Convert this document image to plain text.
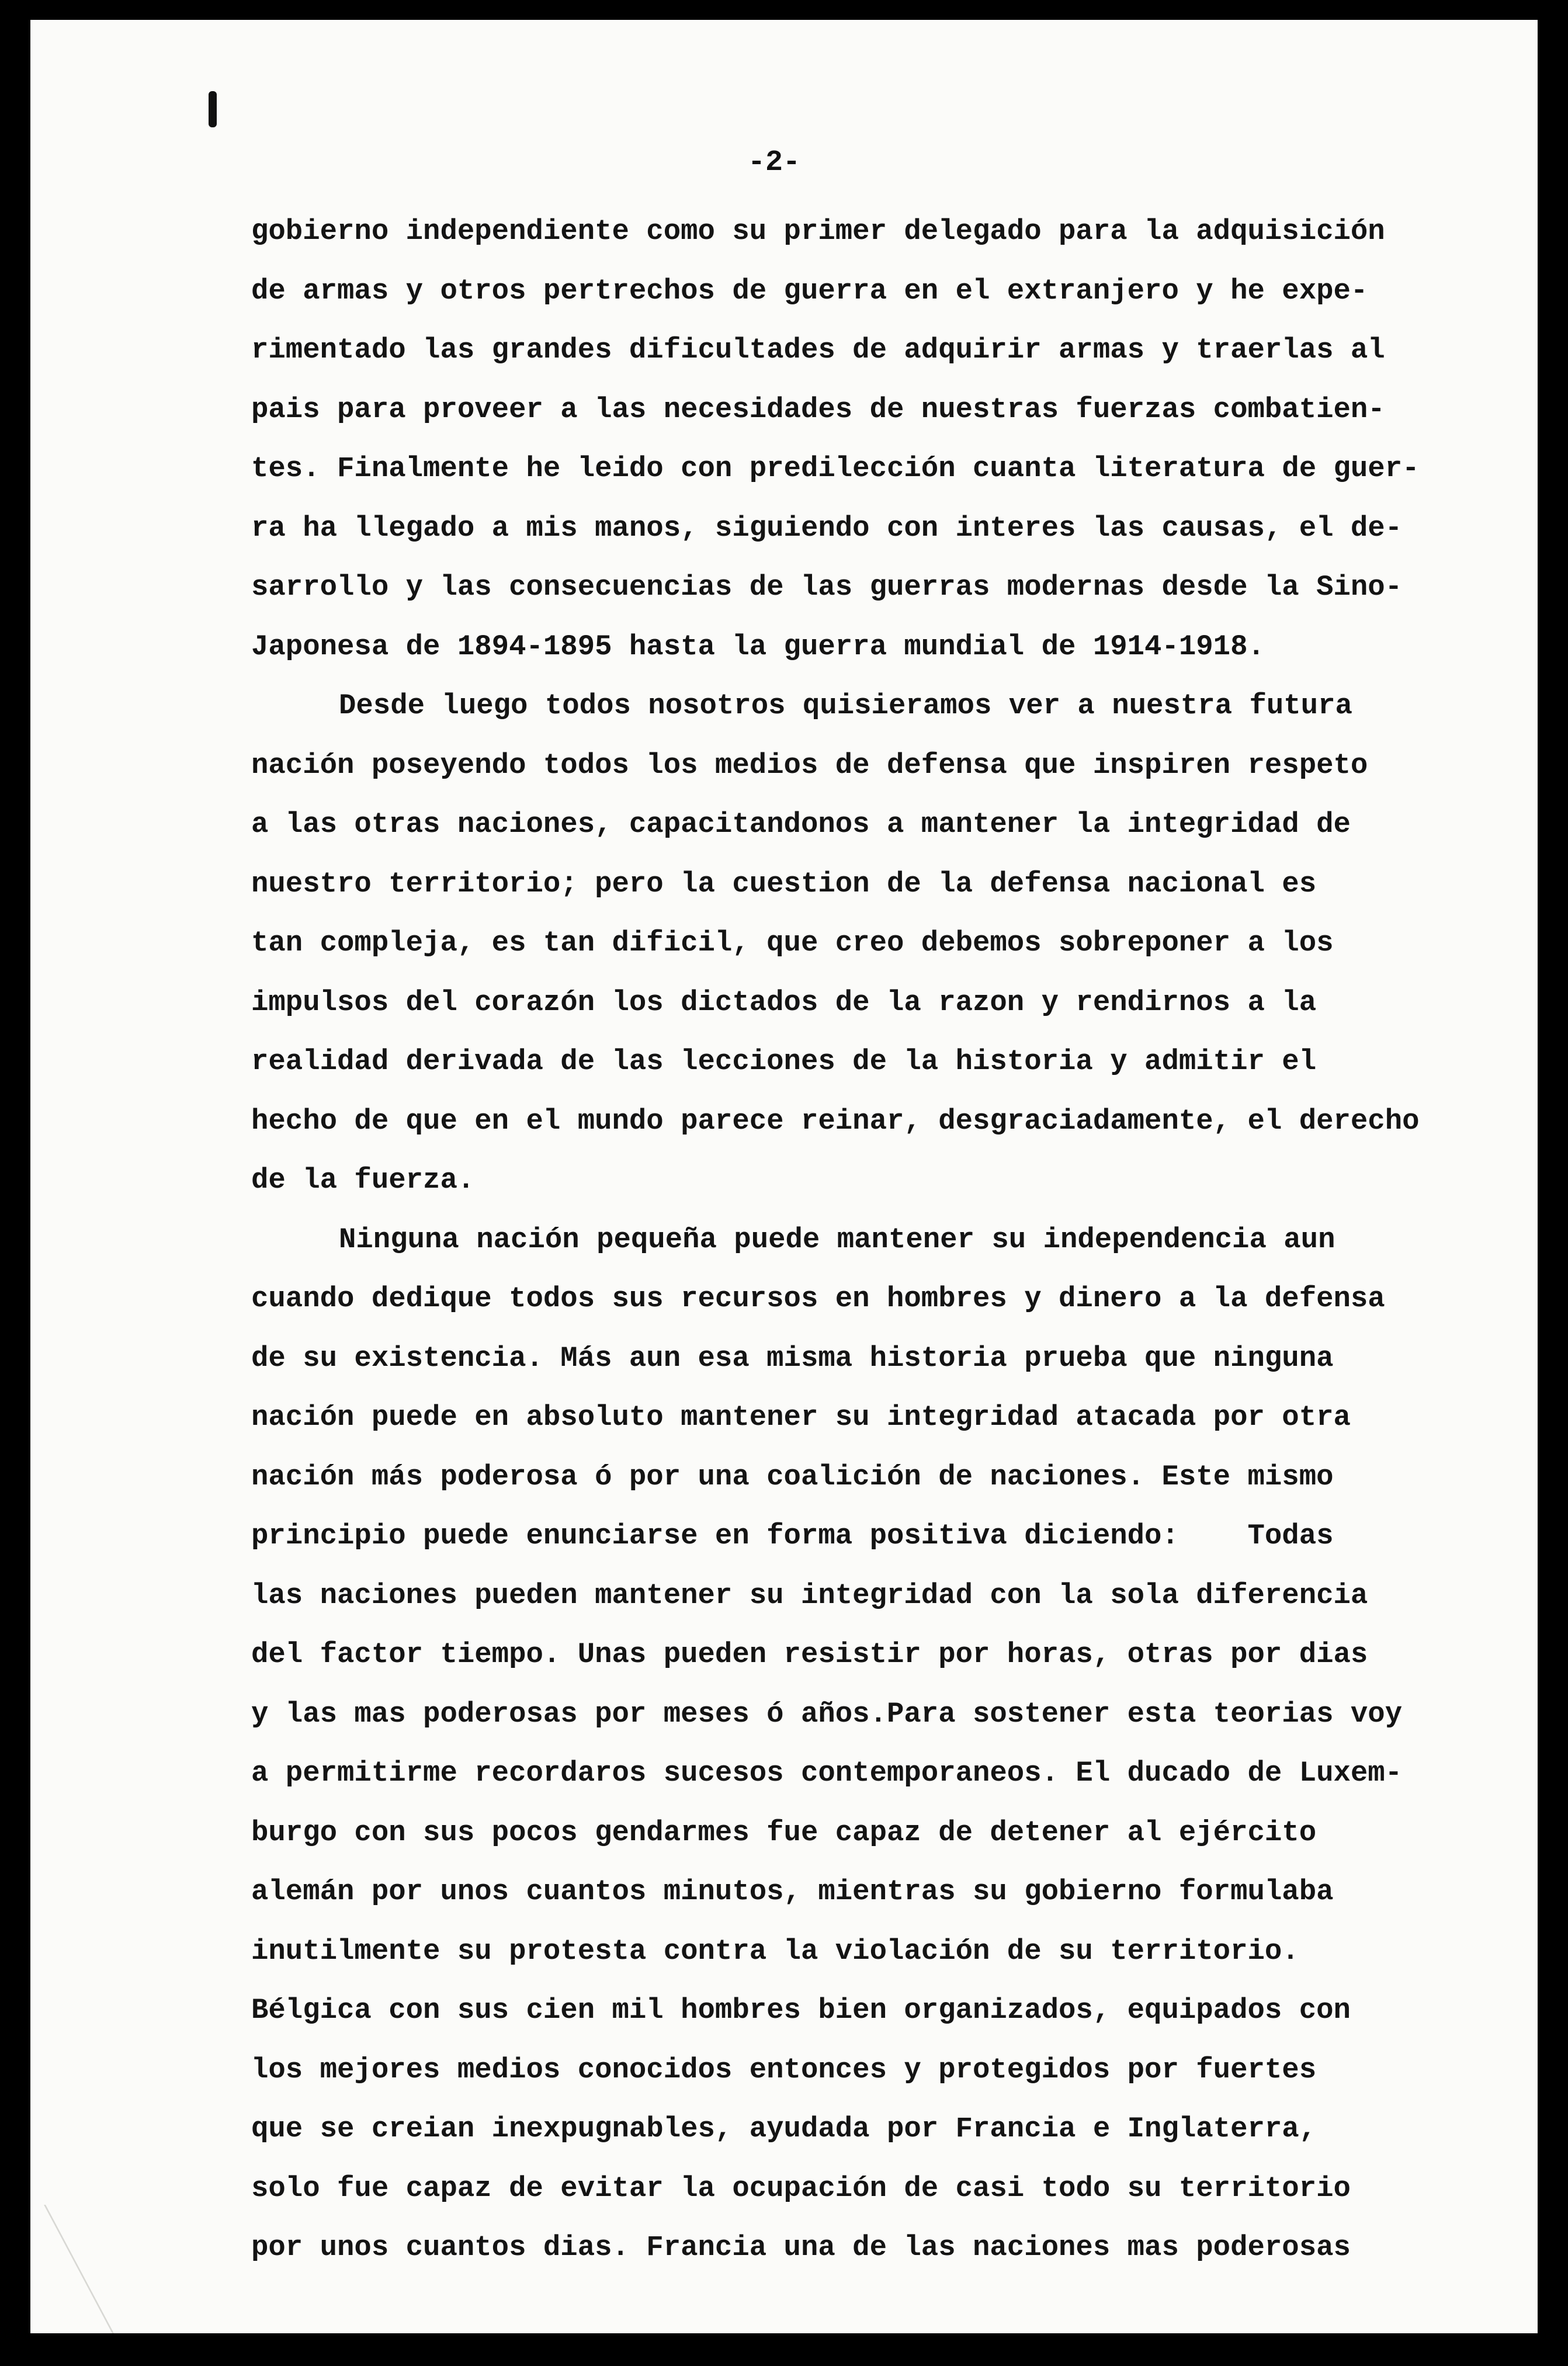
-2-
gobierno independiente como su primer delegado para la adquisición
de armas y otros pertrechos de guerra en el extranjero y he expe-
rimentado las grandes dificultades de adquirir armas y traerlas al
pais para proveer a las necesidades de nuestras fuerzas combatien-
tes. Finalmente he leido con predilección cuanta literatura de guer-
ra ha llegado a mis manos, siguiendo con interes las causas, el de-
sarrollo y las consecuencias de las guerras modernas desde la Sino-
Japonesa de 1894-1895 hasta la guerra mundial de 1914-1918.
Desde luego todos nosotros quisieramos ver a nuestra futura
nación poseyendo todos los medios de defensa que inspiren respeto
a las otras naciones, capacitandonos a mantener la integridad de
nuestro territorio; pero la cuestion de la defensa nacional es
tan compleja, es tan dificil, que creo debemos sobreponer a los
impulsos del corazón los dictados de la razon y rendirnos a la
realidad derivada de las lecciones de la historia y admitir el
hecho de que en el mundo parece reinar, desgraciadamente, el derecho
de la fuerza.
Ninguna nación pequeña puede mantener su independencia aun
cuando dedique todos sus recursos en hombres y dinero a la defensa
de su existencia. Más aun esa misma historia prueba que ninguna
nación puede en absoluto mantener su integridad atacada por otra
nación más poderosa ó por una coalición de naciones. Este mismo
principio puede enunciarse en forma positiva diciendo:    Todas
las naciones pueden mantener su integridad con la sola diferencia
del factor tiempo. Unas pueden resistir por horas, otras por dias
y las mas poderosas por meses ó años.Para sostener esta teorias voy
a permitirme recordaros sucesos contemporaneos. El ducado de Luxem-
burgo con sus pocos gendarmes fue capaz de detener al ejército
alemán por unos cuantos minutos, mientras su gobierno formulaba
inutilmente su protesta contra la violación de su territorio.
Bélgica con sus cien mil hombres bien organizados, equipados con
los mejores medios conocidos entonces y protegidos por fuertes
que se creian inexpugnables, ayudada por Francia e Inglaterra,
solo fue capaz de evitar la ocupación de casi todo su territorio
por unos cuantos dias. Francia una de las naciones mas poderosas
